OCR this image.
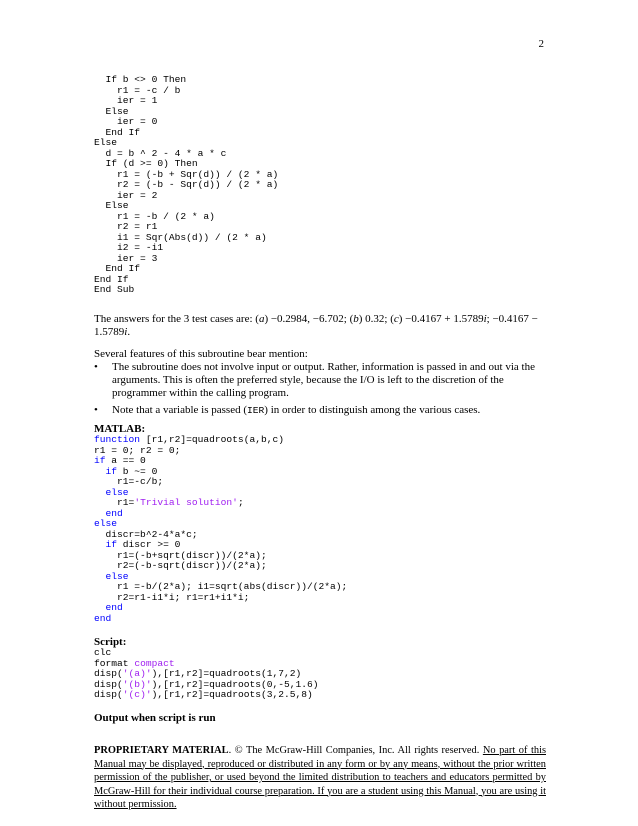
2
If b <> 0 Then
r1 = -c / b
ier = 1
Else
ier = 0
End If
Else
d = b ^ 2 - 4 * a * c
If (d >= 0) Then
r1 = (-b + Sqr(d)) / (2 * a)
r2 = (-b - Sqr(d)) / (2 * a)
ier = 2
Else
r1 = -b / (2 * a)
r2 = r1
i1 = Sqr(Abs(d)) / (2 * a)
i2 = -i1
ier = 3
End If
End If
End Sub

The answers for the 3 test cases are: (a) −0.2984, −6.702; (b) 0.32; (c) −0.4167 + 1.5789i; −0.4167 − 1.5789i.

Several features of this subroutine bear mention:

• The subroutine does not involve input or output. Rather, information is passed in and out via the arguments. This is often the preferred style, because the I/O is left to the discretion of the programmer within the calling program.
• Note that a variable is passed (IER) in order to distinguish among the various cases.

MATLAB:

function [r1,r2]=quadroots(a,b,c)
r1 = 0; r2 = 0;
if a == 0
if b ~= 0
r1=-c/b;
else
r1='Trivial solution';
end
else
discr=b^2-4*a*c;
if discr >= 0
r1=(-b+sqrt(discr))/(2*a);
r2=(-b-sqrt(discr))/(2*a);
else
r1 =-b/(2*a); i1=sqrt(abs(discr))/(2*a);
r2=r1-i1*i; r1=r1+i1*i;
end
end

Script:

clc
format compact
disp('(a)'),[r1,r2]=quadroots(1,7,2)
disp('(b)'),[r1,r2]=quadroots(0,-5,1.6)
disp('(c)'),[r1,r2]=quadroots(3,2.5,8)

Output when script is run

PROPRIETARY MATERIAL. © The McGraw-Hill Companies, Inc. All rights reserved. No part of this Manual may be displayed, reproduced or distributed in any form or by any means, without the prior written permission of the publisher, or used beyond the limited distribution to teachers and educators permitted by McGraw-Hill for their individual course preparation. If you are a student using this Manual, you are using it without permission.
